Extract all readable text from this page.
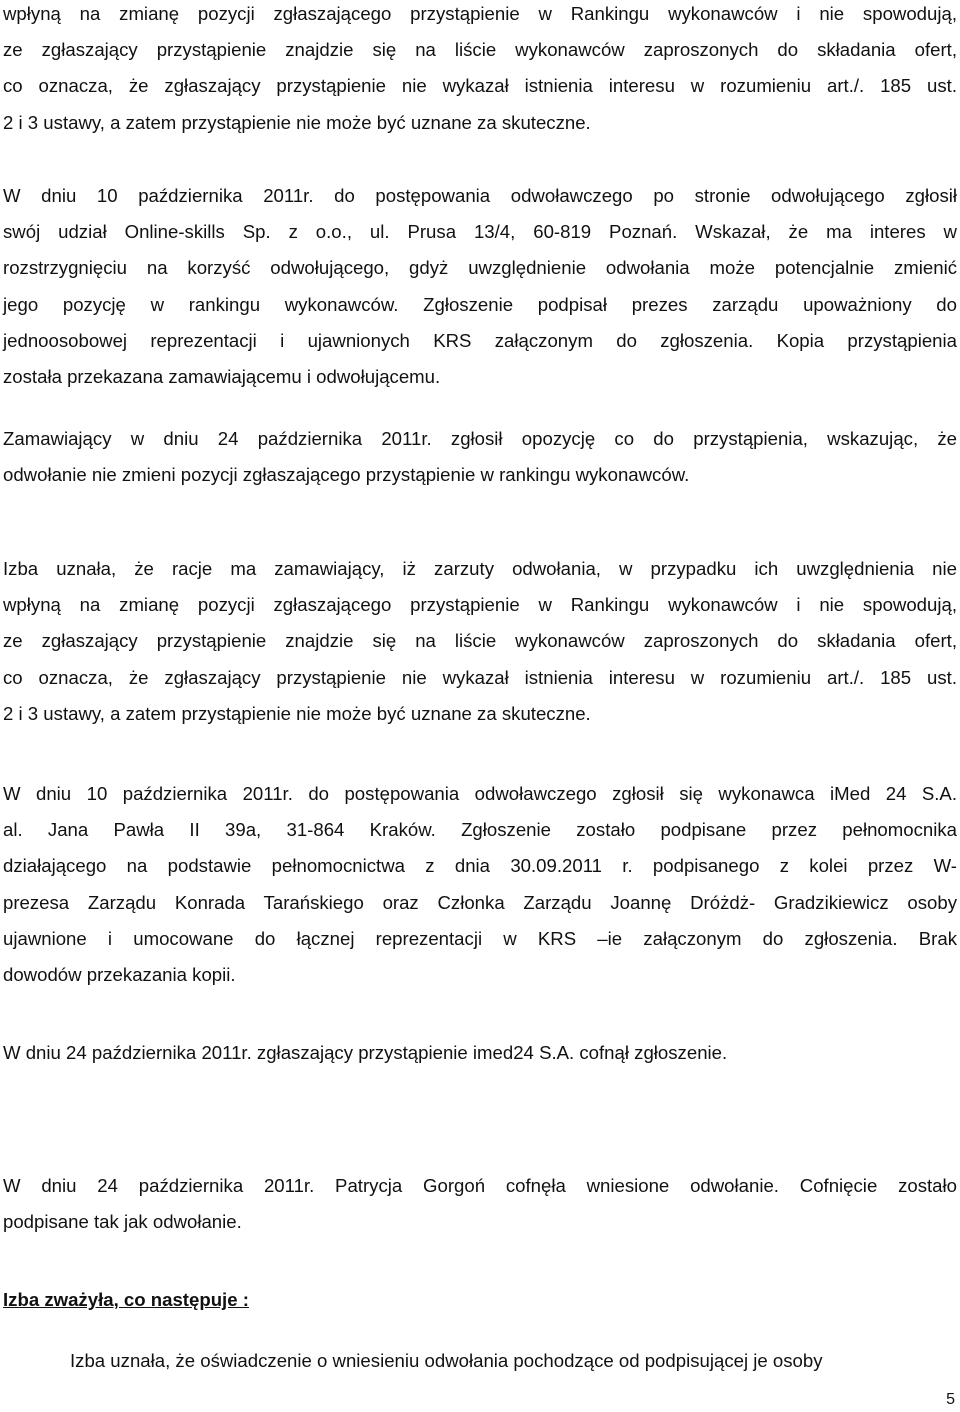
wpłyną na zmianę pozycji zgłaszającego przystąpienie w Rankingu wykonawców i nie spowodują,
ze zgłaszający przystąpienie znajdzie się na liście wykonawców zaproszonych do składania ofert,
co oznacza, że zgłaszający przystąpienie nie wykazał istnienia interesu w rozumieniu art./. 185 ust.
2 i 3 ustawy, a zatem przystąpienie nie może być uznane za skuteczne.
W dniu 10 października 2011r. do postępowania odwoławczego po stronie odwołującego zgłosił
swój udział Online-skills Sp. z o.o., ul. Prusa 13/4, 60-819 Poznań. Wskazał, że ma interes w
rozstrzygnięciu na korzyść odwołującego, gdyż uwzględnienie odwołania może potencjalnie zmienić
jego pozycję w rankingu wykonawców. Zgłoszenie podpisał prezes zarządu upoważniony do
jednoosobowej reprezentacji i ujawnionych KRS załączonym do zgłoszenia. Kopia przystąpienia
została przekazana zamawiającemu i odwołującemu.
Zamawiający w dniu 24 października 2011r. zgłosił opozycję co do przystąpienia, wskazując, że
odwołanie nie zmieni pozycji zgłaszającego przystąpienie w rankingu wykonawców.
Izba uznała, że racje ma zamawiający, iż zarzuty odwołania, w przypadku ich uwzględnienia nie
wpłyną na zmianę pozycji zgłaszającego przystąpienie w Rankingu wykonawców i nie spowodują,
ze zgłaszający przystąpienie znajdzie się na liście wykonawców zaproszonych do składania ofert,
co oznacza, że zgłaszający przystąpienie nie wykazał istnienia interesu w rozumieniu art./. 185 ust.
2 i 3 ustawy, a zatem przystąpienie nie może być uznane za skuteczne.
W dniu 10 października 2011r. do postępowania odwoławczego zgłosił się wykonawca iMed 24 S.A.
al. Jana Pawła II 39a, 31-864 Kraków. Zgłoszenie zostało podpisane przez pełnomocnika
działającego na podstawie pełnomocnictwa z dnia 30.09.2011 r. podpisanego z kolei przez W-
prezesa Zarządu Konrada Tarańskiego oraz Członka Zarządu Joannę Dróżdż- Gradzikiewicz osoby
ujawnione i umocowane do łącznej reprezentacji w KRS –ie załączonym do zgłoszenia. Brak
dowodów przekazania kopii.
W dniu 24 października 2011r. zgłaszający przystąpienie imed24 S.A. cofnął zgłoszenie.
W dniu 24 października 2011r. Patrycja Gorgoń cofnęła wniesione odwołanie. Cofnięcie zostało
podpisane tak jak odwołanie.
Izba zważyła, co następuje :
Izba uznała, że oświadczenie o wniesieniu odwołania pochodzące od podpisującej je osoby
5
